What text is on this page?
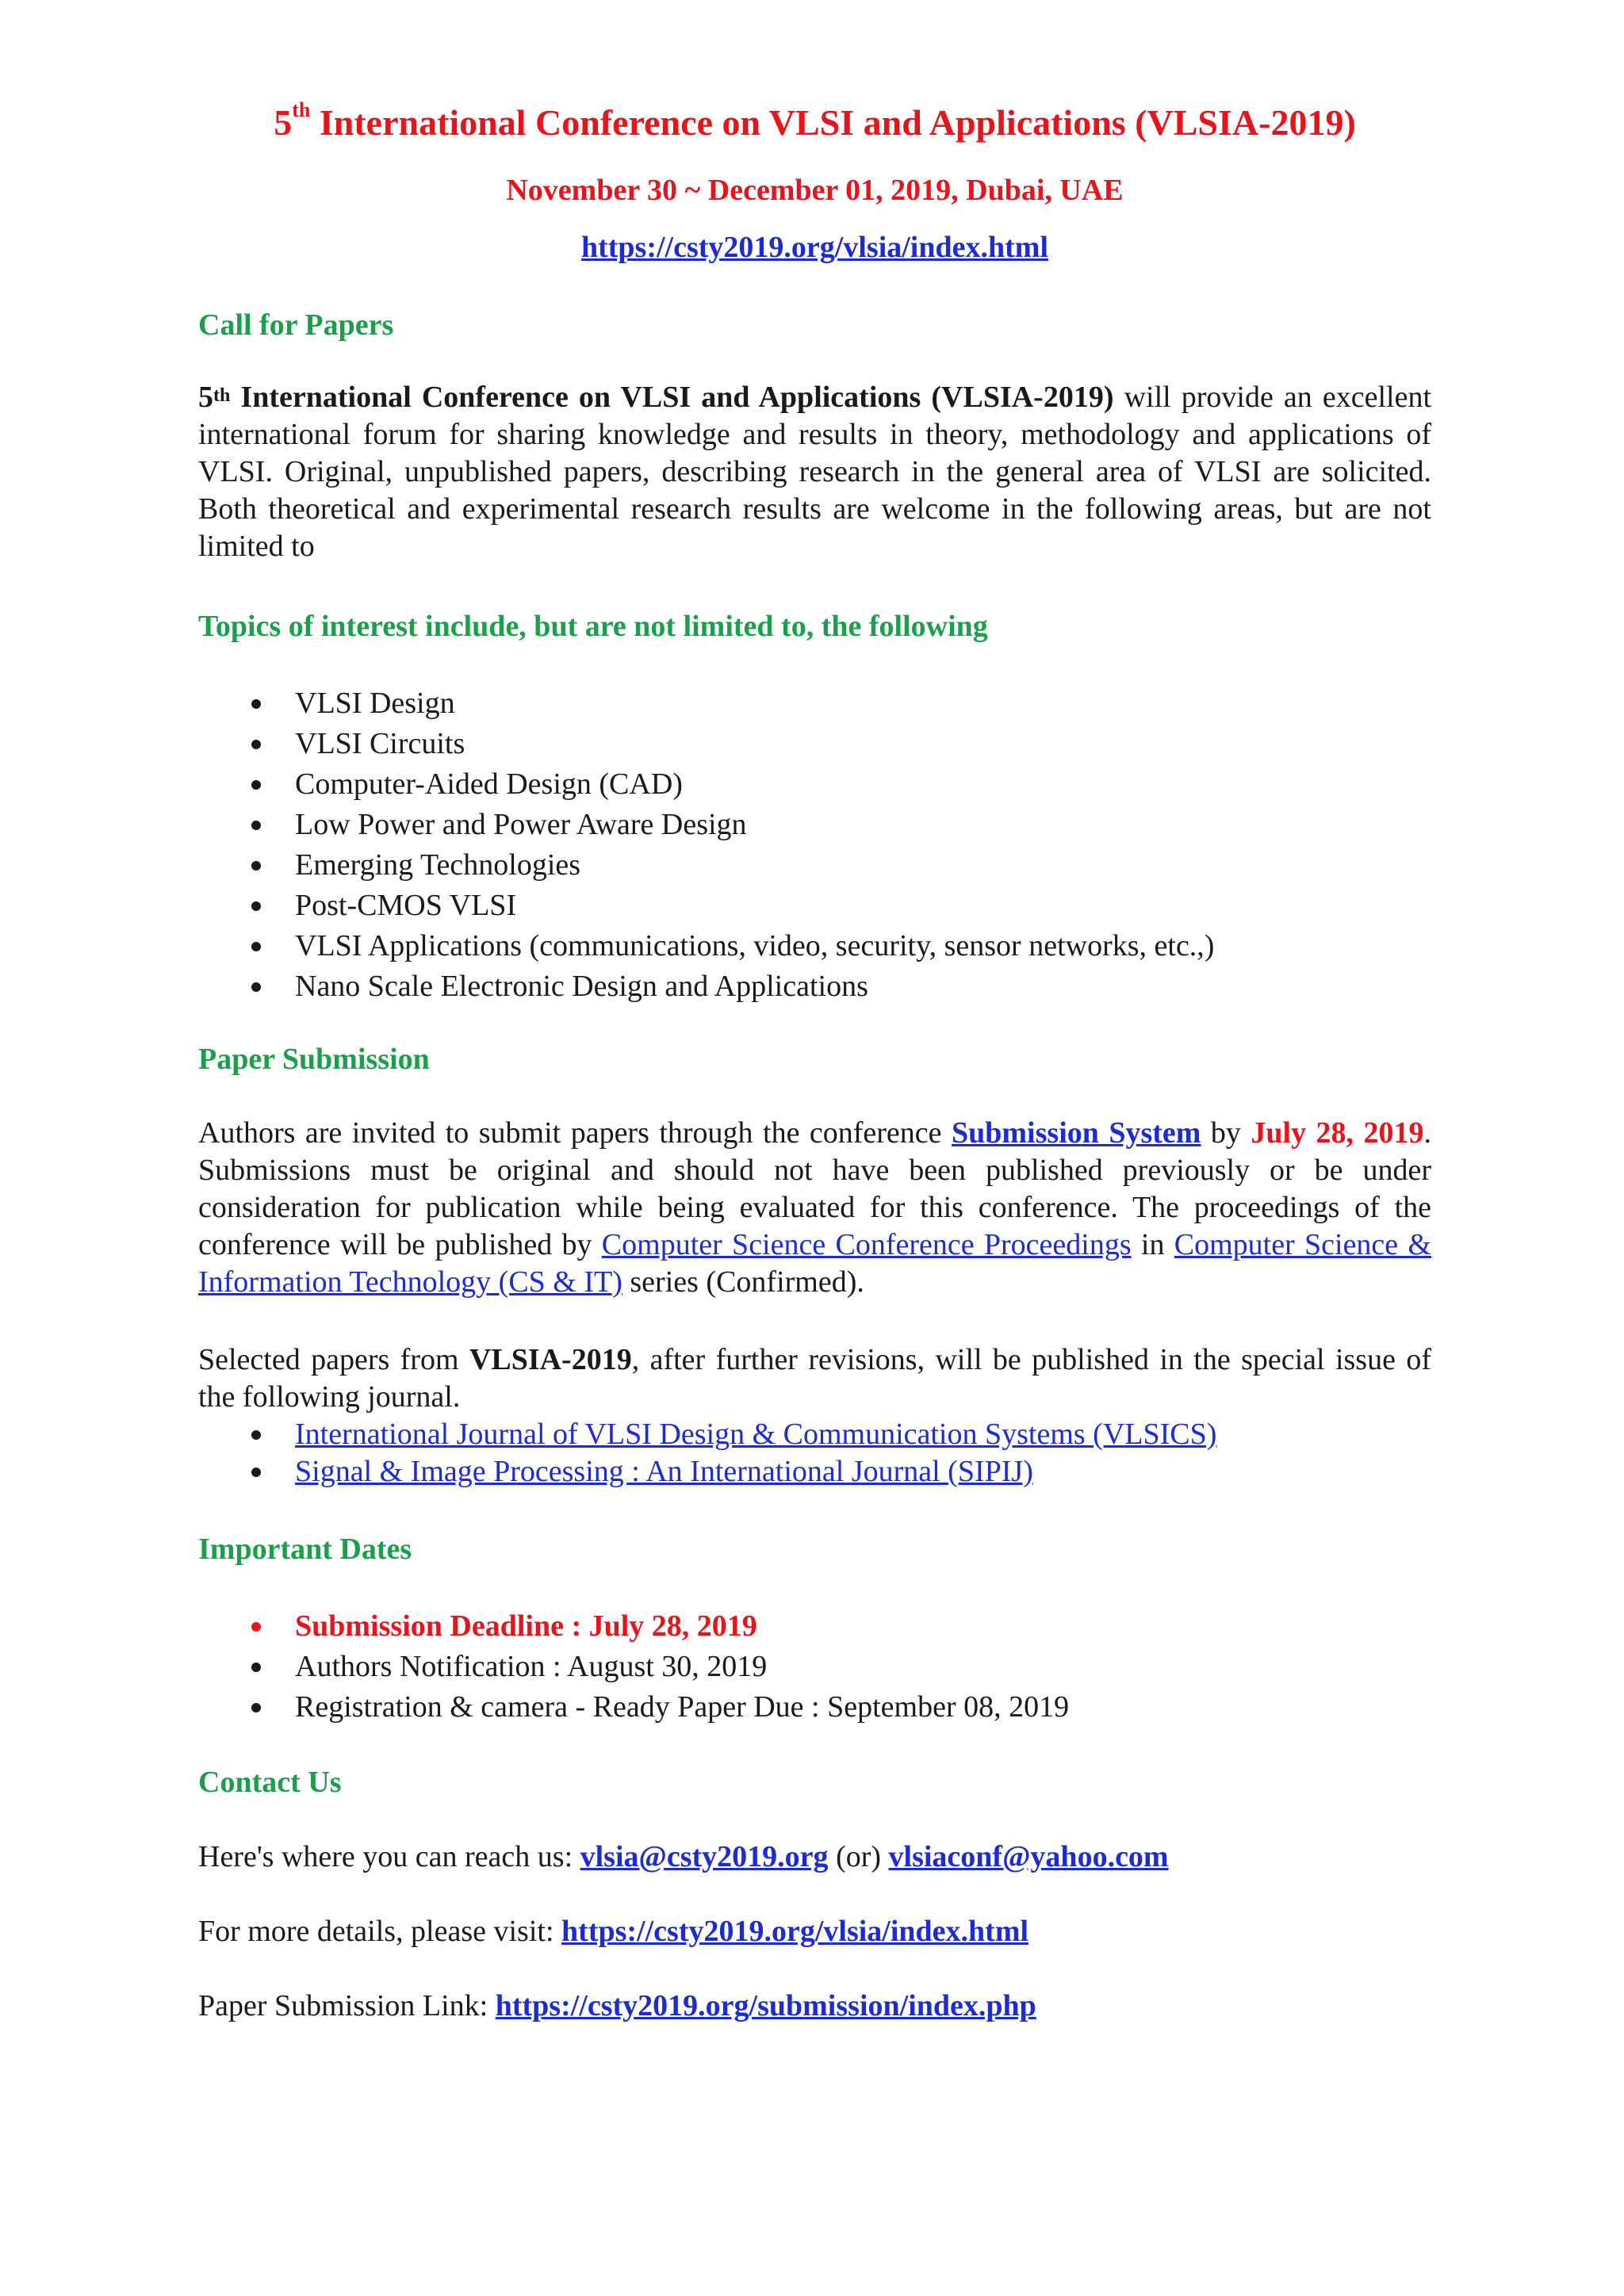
5th International Conference on VLSI and Applications (VLSIA-2019)
November 30 ~ December 01, 2019, Dubai, UAE
https://csty2019.org/vlsia/index.html
Call for Papers
5th International Conference on VLSI and Applications (VLSIA-2019) will provide an excellent international forum for sharing knowledge and results in theory, methodology and applications of VLSI. Original, unpublished papers, describing research in the general area of VLSI are solicited. Both theoretical and experimental research results are welcome in the following areas, but are not limited to
Topics of interest include, but are not limited to, the following
VLSI Design
VLSI Circuits
Computer-Aided Design (CAD)
Low Power and Power Aware Design
Emerging Technologies
Post-CMOS VLSI
VLSI Applications (communications, video, security, sensor networks, etc.,)
Nano Scale Electronic Design and Applications
Paper Submission
Authors are invited to submit papers through the conference Submission System by July 28, 2019. Submissions must be original and should not have been published previously or be under consideration for publication while being evaluated for this conference. The proceedings of the conference will be published by Computer Science Conference Proceedings in Computer Science & Information Technology (CS & IT) series (Confirmed).
Selected papers from VLSIA-2019, after further revisions, will be published in the special issue of the following journal.
International Journal of VLSI Design & Communication Systems (VLSICS)
Signal & Image Processing : An International Journal (SIPIJ)
Important Dates
Submission Deadline : July 28, 2019
Authors Notification : August 30, 2019
Registration & camera - Ready Paper Due : September 08, 2019
Contact Us
Here's where you can reach us: vlsia@csty2019.org (or) vlsiaconf@yahoo.com
For more details, please visit: https://csty2019.org/vlsia/index.html
Paper Submission Link: https://csty2019.org/submission/index.php
